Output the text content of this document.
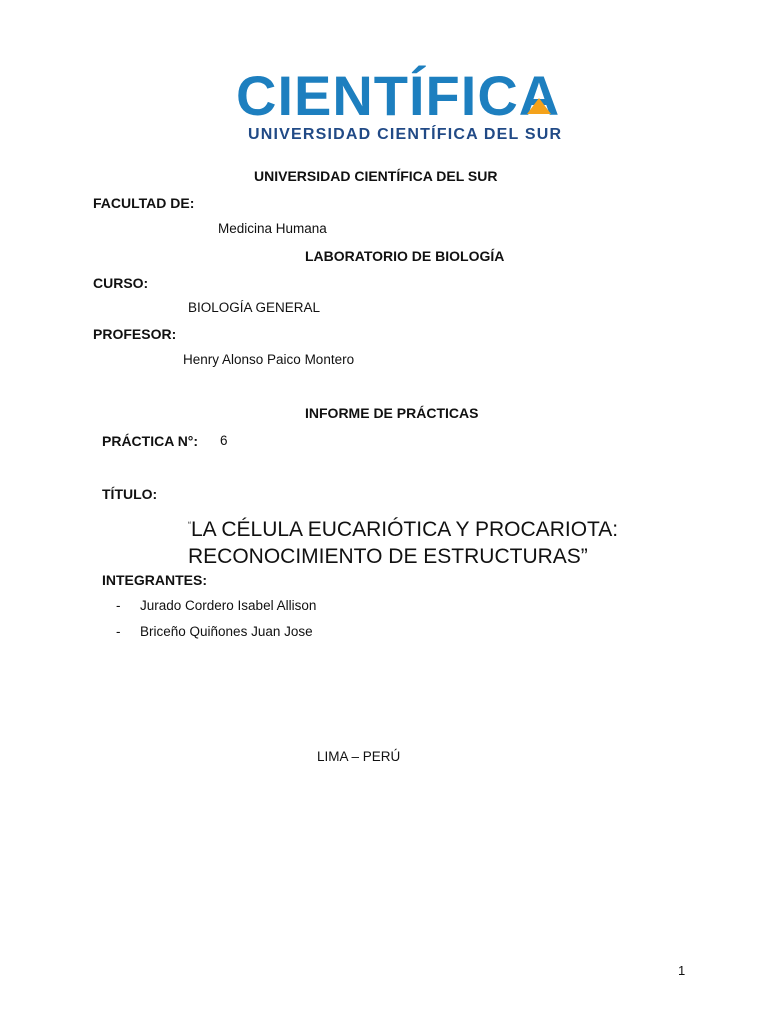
CIENTÍFICA
UNIVERSIDAD CIENTÍFICA DEL SUR
UNIVERSIDAD CIENTÍFICA DEL SUR
FACULTAD DE:
Medicina Humana
LABORATORIO DE BIOLOGÍA
CURSO:
BIOLOGÍA GENERAL
PROFESOR:
Henry Alonso Paico Montero
INFORME DE PRÁCTICAS
PRÁCTICA N°: 6
TÍTULO:
“LA CÉLULA EUCARIÓTICA Y PROCARIOTA:
RECONOCIMIENTO DE ESTRUCTURAS”
INTEGRANTES:
- Jurado Cordero Isabel Allison
- Briceño Quiñones Juan Jose
LIMA – PERÚ
1
